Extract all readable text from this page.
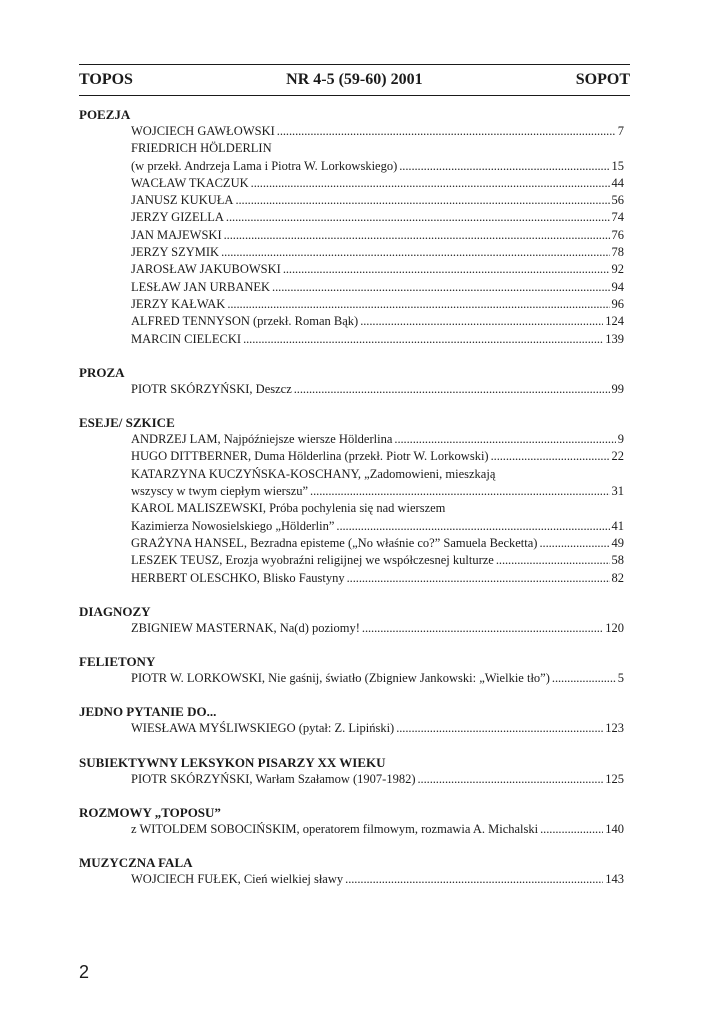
TOPOS	NR 4-5 (59-60) 2001	SOPOT
POEZJA
WOJCIECH GAWŁOWSKI . . .	7
FRIEDRICH HÖLDERLIN
(w przekł. Andrzeja Lama i Piotra W. Lorkowskiego) . . .	15
WACŁAW TKACZUK . . .	44
JANUSZ KUKUŁA . . .	56
JERZY GIZELLA . . .	74
JAN MAJEWSKI . . .	76
JERZY SZYMIK . . .	78
JAROSŁAW JAKUBOWSKI . . .	92
LESŁAW JAN URBANEK . . .	94
JERZY KAŁWAK . . .	96
ALFRED TENNYSON (przekł. Roman Bąk) . . .	124
MARCIN CIELECKI . . .	139
PROZA
PIOTR SKÓRZYŃSKI, Deszcz . . .	99
ESEJE/ SZKICE
ANDRZEJ LAM, Najpóźniejsze wiersze Hölderlina . . .	9
HUGO DITTBERNER, Duma Hölderlina (przekł. Piotr W. Lorkowski) . . .	22
KATARZYNA KUCZYŃSKA-KOSCHANY, „Zadomowieni, mieszkają
wszyscy w twym ciepłym wierszu” . . .	31
KAROL MALISZEWSKI, Próba pochylenia się nad wierszem
Kazimierza Nowosielskiego „Hölderlin” . . .	41
GRAŻYNA HANSEL, Bezradna episteme („No właśnie co?” Samuela Becketta) . . .	49
LESZEK TEUSZ, Erozja wyobraźni religijnej we współczesnej kulturze . . .	58
HERBERT OLESCHKO, Blisko Faustyny . . .	82
DIAGNOZY
ZBIGNIEW MASTERNAK, Na(d) poziomy! . . .	120
FELIETONY
PIOTR W. LORKOWSKI, Nie gaśnij, światło (Zbigniew Jankowski: „Wielkie tło”) . . .	5
JEDNO PYTANIE DO...
WIESŁAWA MYŚLIWSKIEGO (pytał: Z. Lipiński) . . .	123
SUBIEKTYWNY LEKSYKON PISARZY XX WIEKU
PIOTR SKÓRZYŃSKI, Warłam Szałamow (1907-1982) . . .	125
ROZMOWY „TOPOSU”
z WITOLDEM SOBOCIŃSKIM, operatorem filmowym, rozmawia A. Michalski . . .	140
MUZYCZNA FALA
WOJCIECH FUŁEK, Cień wielkiej sławy . . .	143
2
